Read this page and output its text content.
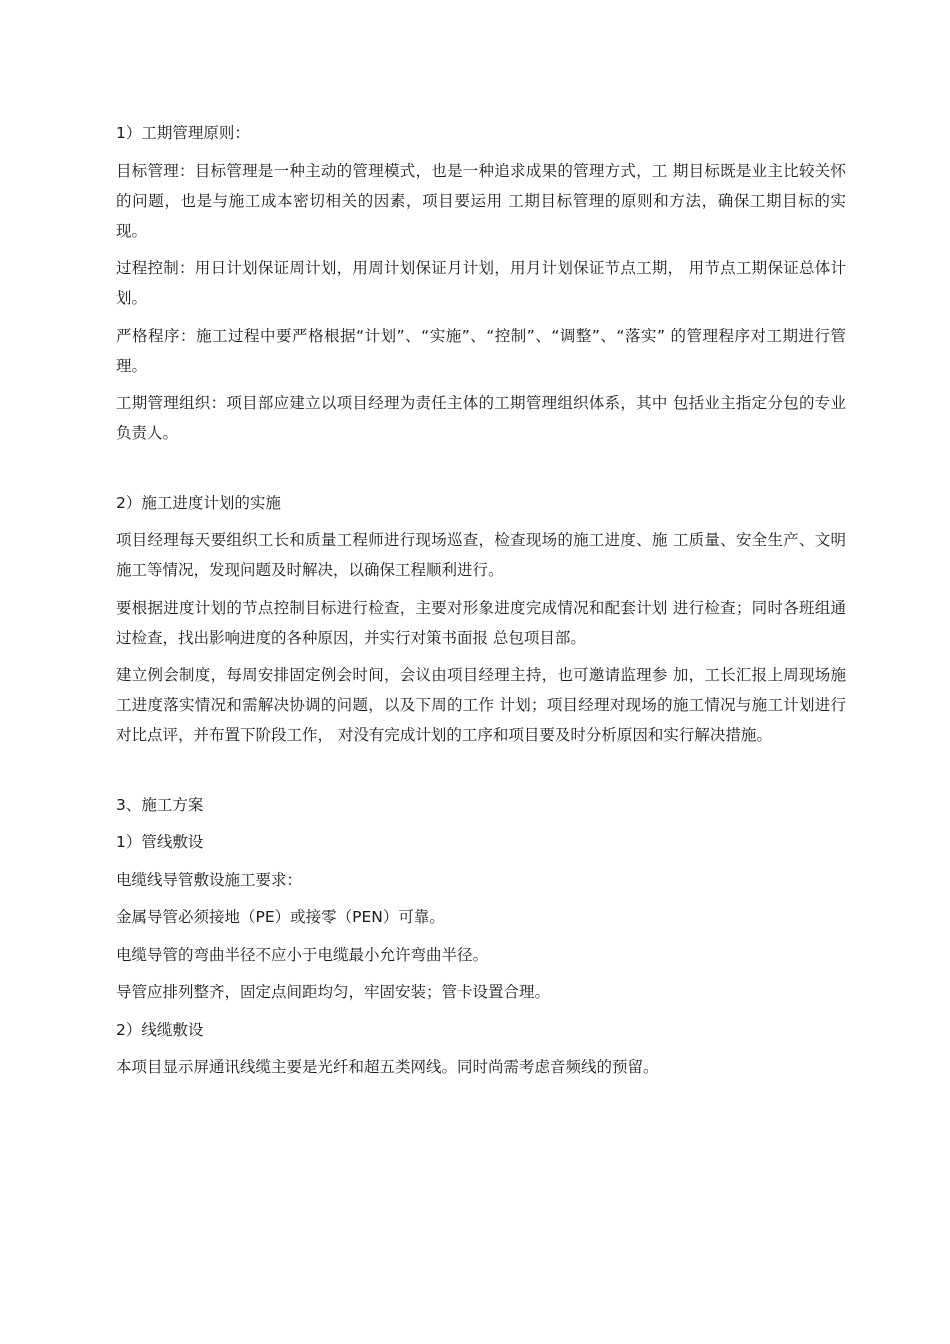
1）工期管理原则：

目标管理：目标管理是一种主动的管理模式，也是一种追求成果的管理方式，工 期目标既是业主比较关怀的问题，也是与施工成本密切相关的因素，项目要运用 工期目标管理的原则和方法，确保工期目标的实现。

过程控制：用日计划保证周计划，用周计划保证月计划，用月计划保证节点工期， 用节点工期保证总体计划。

严格程序：施工过程中要严格根据“计划”、“实施”、“控制”、“调整”、“落实” 的管理程序对工期进行管理。

工期管理组织：项目部应建立以项目经理为责任主体的工期管理组织体系，其中 包括业主指定分包的专业负责人。

2）施工进度计划的实施

项目经理每天要组织工长和质量工程师进行现场巡查，检查现场的施工进度、施 工质量、安全生产、文明施工等情况，发现问题及时解决，以确保工程顺利进行。

要根据进度计划的节点控制目标进行检查，主要对形象进度完成情况和配套计划 进行检查；同时各班组通过检查，找出影响进度的各种原因，并实行对策书面报 总包项目部。

建立例会制度，每周安排固定例会时间，会议由项目经理主持，也可邀请监理参 加，工长汇报上周现场施工进度落实情况和需解决协调的问题，以及下周的工作 计划；项目经理对现场的施工情况与施工计划进行对比点评，并布置下阶段工作， 对没有完成计划的工序和项目要及时分析原因和实行解决措施。

3、施工方案

1）管线敷设

电缆线导管敷设施工要求：

金属导管必须接地（PE）或接零（PEN）可靠。

电缆导管的弯曲半径不应小于电缆最小允许弯曲半径。

导管应排列整齐，固定点间距均匀，牢固安装；管卡设置合理。

2）线缆敷设

本项目显示屏通讯线缆主要是光纤和超五类网线。同时尚需考虑音频线的预留。
